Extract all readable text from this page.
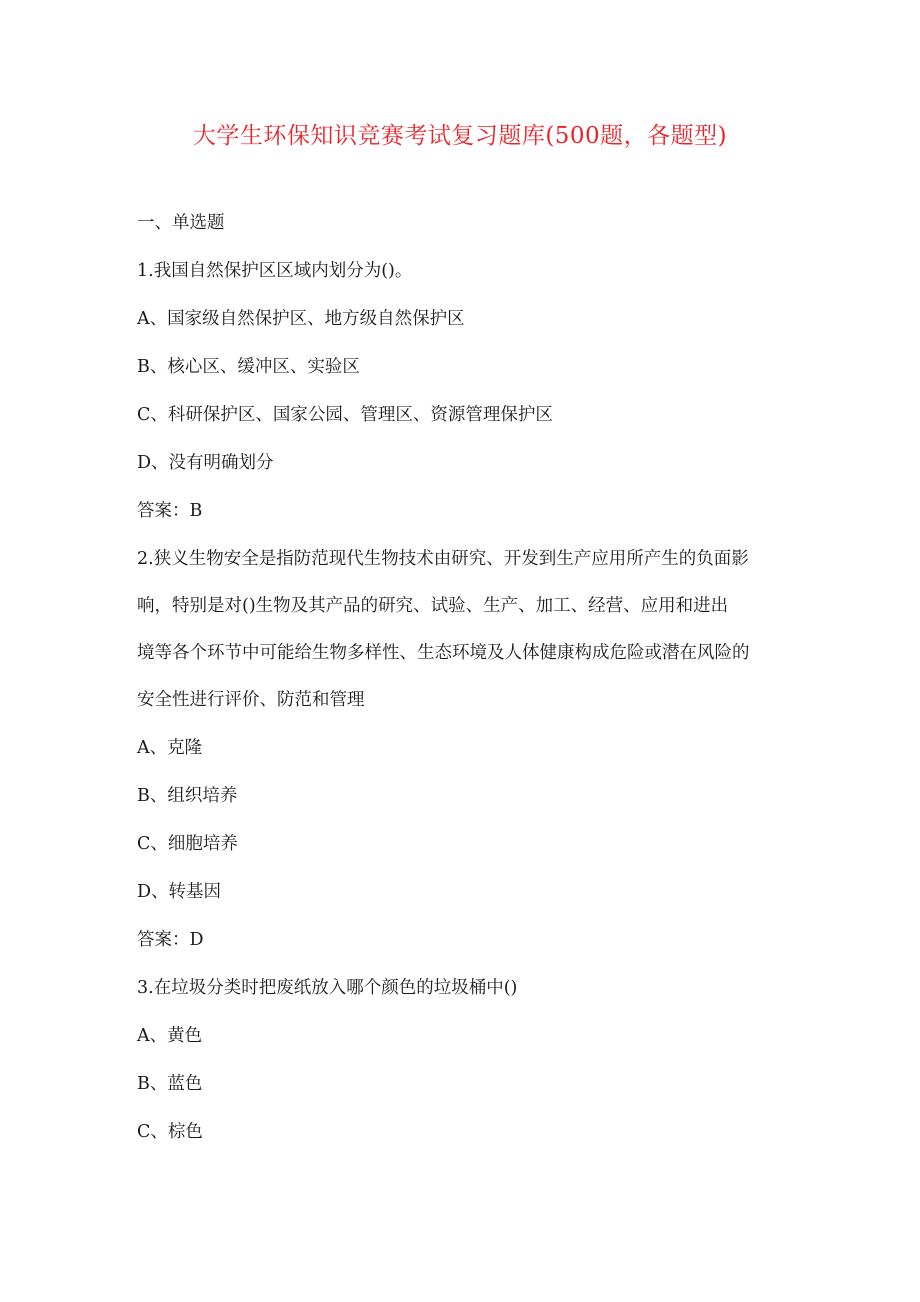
大学生环保知识竞赛考试复习题库(500题，各题型)

一、单选题

1.我国自然保护区区域内划分为()。

A、国家级自然保护区、地方级自然保护区

B、核心区、缓冲区、实验区

C、科研保护区、国家公园、管理区、资源管理保护区

D、没有明确划分

答案：B

2.狭义生物安全是指防范现代生物技术由研究、开发到生产应用所产生的负面影

响，特别是对()生物及其产品的研究、试验、生产、加工、经营、应用和进出

境等各个环节中可能给生物多样性、生态环境及人体健康构成危险或潜在风险的

安全性进行评价、防范和管理

A、克隆

B、组织培养

C、细胞培养

D、转基因

答案：D

3.在垃圾分类时把废纸放入哪个颜色的垃圾桶中()

A、黄色

B、蓝色

C、棕色
